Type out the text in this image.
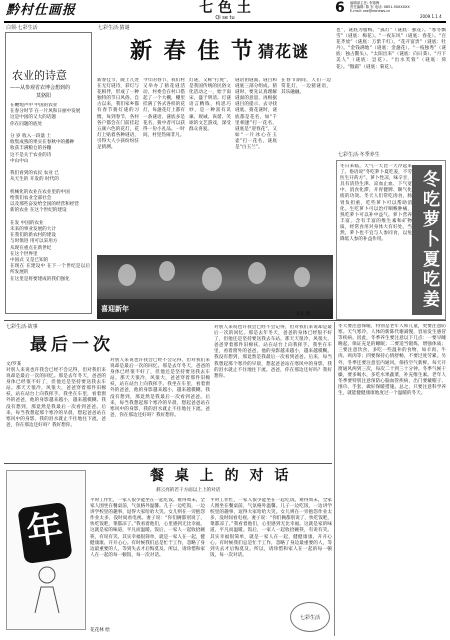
黔村仕画报	七 色 土
Qi se tu
6 编辑部主任: 李寒梅
责任编辑: 陈 东 电话: 0851-5XXXXXX
E-mail: xse@nbnews.cn
2009.1.1 4
白领·七彩生活
农业的诗意
——从参观省农博会想到的
莫骆阳
在鞭炮声中 中国的农业
在春分时节 在一片风和日丽中发展
这是中国的又大的话题
你在问题的底处

分 岁 收入一段量 土
收集成熟的果实在春秋中的播种
收获丰满粮仓的谷穗
这不是关于农业的诗
中山中山

我们看到的农民 农业 已
从天生的 开发的 时代的

机械化的农业在农业里的中国
给我们农业全部社会
以及那些奋发给全国的经营和经营
新的农业 在这个世纪的建设

在发 中国的农业
未来的事业发展的大计
在我们的新农村的建设
与时俱进 用可以采用方
从现在重点在新世纪
在这个世界里
中国式 又是已知的
在现在 在建设中 在下一个世纪是以后所发展的
在这里是将要建成的我们强化
七彩生活·猜谜
新 春 佳 节 猜花谜
新春佳节，陇上几处在无灯谜诗，彩灯与花相伴，形成了一种独特的节日风俗。自古以来，我们家乡都有春节猜灯谜的习惯，每到春节，各村各户都会在门前挂起五颜六色的花灯，花灯上贴着各种谜语，引得大人小孩纷纷驻足猜测。
今年的春节，我们村又举办了猜花谜活动，村委会在村口搭起了一个大棚，棚里挂满了各式各样的花灯，每盏花灯上都有一条谜语，谜底多是花名，猜中者可以获得一份小礼品。一时间，村里热闹非凡。
灯谜，又称“打虎”，是我国传统的民俗文化活动之一，始于南宋，盛于明清。灯谜语言精练，构思巧妙，是一种富有讥谏、规诫、诙谐、笑谑的文艺游戏，深受群众喜爱。
谜语由谜面、谜目和谜底三部分组成。猜谜时，要先认真理解谜面的意思，再根据谜目的提示，去寻找谜底。猜花谜时，谜底都是花名，如“千里相逢”打一花名，谜底是“迎春花”，又如“一片冰心在玉壶”打一花名，谜底是“白玉兰”。
在春节期间，人们一边赏花灯，一边猜谜语，其乐融融。
也”，谜底为腊梅。“孤灯”（谜底：独花）。“寒冬飘雪”（谜底：梅花）。“一夜东风”（谜底：春花）。“百花齐放”（谜底：万紫千红）。“花开富贵”（谜底：牡丹）。“金钱满地”（谜底：金盏花）。“一枝独秀”（谜底：独占鳌头）。“太阳出来”（谜底：向日葵）。“月下美人”（谜底：昙花）。“出水芙蓉”（谜底：荷花）。“傲霜”（谜底：菊花）。
喜迎新年
肖方 摄
七彩生活·冬季养生
冬日来临，天气一天比一天冷起来了。俗语说“冬吃萝卜夏吃姜，不劳医生开药方”。萝卜性凉，味辛甘，具有清热生津、凉血止血、下气宽中、消食化滞、开胃健脾、顺气化痰的功效。冬天人们常吃肉食，肠胃负担重，吃些萝卜可以帮助消化。生吃萝卜可以治疗咽喉肿痛，熟吃萝卜可以补中益气。萝卜营养丰富，含有丰富的维生素和矿物质，经常食用对身体大有好处。当然，萝卜也不宜与人参同食，以免降低人参的补益作用。	冬吃萝卜夏吃姜
七彩生活·故事
最后一次
文/罗某
对别人来说也许我会已经不会记得，但对我们来说却是最后一次的回忆。那是去年冬天，爸爸的身体已经很不好了，但他还是坚持要送我去车站。那天天很冷，风很大，爸爸穿着那件旧棉袄，站在站台上向我挥手。我坐在车里，看着窗外的爸爸，他的身影越来越小，越来越模糊。我没有想到，那竟然是我最后一次看到爸爸。后来，每当我想起那个寒冷的早晨，想起爸爸站在寒风中的身影，我的泪水就止不住地往下流。爸爸，你在那边还好吗？我好想你。
对别人来说也许我会已经不会记得，但对我们来说却是最后一次的回忆。那是去年冬天，爸爸的身体已经很不好了，但他还是坚持要送我去车站。那天天很冷，风很大，爸爸穿着那件旧棉袄，站在站台上向我挥手。我坐在车里，看着窗外的爸爸，他的身影越来越小，越来越模糊。我没有想到，那竟然是我最后一次看到爸爸。后来，每当我想起那个寒冷的早晨，想起爸爸站在寒风中的身影，我的泪水就止不住地往下流。爸爸，你在那边还好吗？我好想你。
对别人来说也许我会已经不会记得，但对我们来说却是最后一次的回忆。那是去年冬天，爸爸的身体已经很不好了，但他还是坚持要送我去车站。那天天很冷，风很大，爸爸穿着那件旧棉袄，站在站台上向我挥手。我坐在车里，看着窗外的爸爸，他的身影越来越小，越来越模糊。我没有想到，那竟然是我最后一次看到爸爸。后来，每当我想起那个寒冷的早晨，想起爸爸站在寒风中的身影，我的泪水就止不住地往下流。爸爸，你在那边还好吗？我好想你。
餐 桌 上 的 对 话
郝云亮的若干方面以上上的对话
年
花花林 绘
平时工作忙，一家人很少能坐在一起吃饭。难得周末，全家人围坐在餐桌前，气氛格外温馨。儿子一边吃饭，一边讲学校里的趣事，逗得大家哈哈大笑。女儿则在一旁抱怨作业太多，没时间看电视。妻子说：“你们俩都别说了，快吃饭吧，菜都凉了。”我看着他们，心里感到无比幸福。这就是家的味道，平凡而温暖。饭后，一家人一起收拾碗筷，有说有笑。其实幸福很简单，就是一家人在一起，健健康康、开开心心。有时候我们总是忙于工作，忽略了身边最重要的人，等到失去才后悔莫及。所以，请珍惜和家人在一起的每一顿饭，每一次对话。
平时工作忙，一家人很少能坐在一起吃饭。难得周末，全家人围坐在餐桌前，气氛格外温馨。儿子一边吃饭，一边讲学校里的趣事，逗得大家哈哈大笑。女儿则在一旁抱怨作业太多，没时间看电视。妻子说：“你们俩都别说了，快吃饭吧，菜都凉了。”我看着他们，心里感到无比幸福。这就是家的味道，平凡而温暖。饭后，一家人一起收拾碗筷，有说有笑。其实幸福很简单，就是一家人在一起，健健康康、开开心心。有时候我们总是忙于工作，忽略了身边最重要的人，等到失去才后悔莫及。所以，请珍惜和家人在一起的每一顿饭，每一次对话。
七彩生活
冬天要注意保暖，特别是老年人和儿童，更要注意防寒。天气寒冷，人体的新陈代谢减慢，容易发生感冒等疾病。因此，冬季养生要注意以下几点：一要早睡晚起，保证充足的睡眠；二要适当锻炼，增强体质；三要注意饮食，多吃一些温补的食物，如羊肉、牛肉、鸡肉等；四要保持心情舒畅，不要过度劳累。另外，冬季还要注意室内通风，保持空气新鲜。每天开窗通风两到三次，每次二十到三十分钟。冬季气候干燥，要多喝水，多吃水果蔬菜，补充维生素。老年人冬季要特别注意预防心脑血管疾病，出门要戴帽子、围巾、手套，做好保暖措施。总之，只要注意科学养生，就能健健康康地度过一个温暖的冬天。
